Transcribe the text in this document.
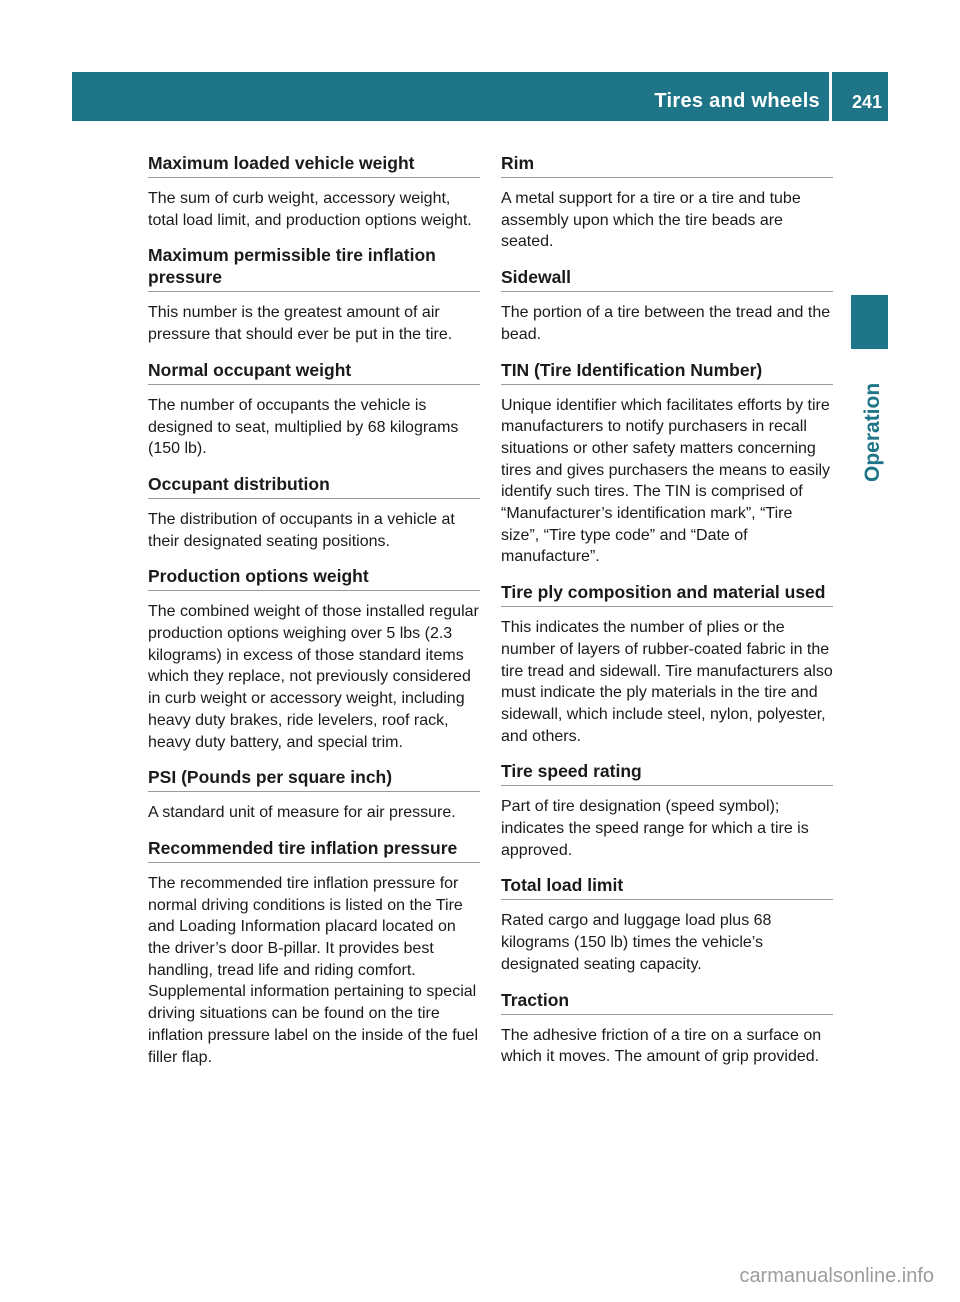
Tires and wheels 241
Operation
Maximum loaded vehicle weight

The sum of curb weight, accessory weight, total load limit, and production options weight.

Maximum permissible tire inflation pressure

This number is the greatest amount of air pressure that should ever be put in the tire.

Normal occupant weight

The number of occupants the vehicle is designed to seat, multiplied by 68 kilograms (150 lb).

Occupant distribution

The distribution of occupants in a vehicle at their designated seating positions.

Production options weight

The combined weight of those installed regular production options weighing over 5 lbs (2.3 kilograms) in excess of those standard items which they replace, not previously considered in curb weight or accessory weight, including heavy duty brakes, ride levelers, roof rack, heavy duty battery, and special trim.

PSI (Pounds per square inch)

A standard unit of measure for air pressure.

Recommended tire inflation pressure

The recommended tire inflation pressure for normal driving conditions is listed on the Tire and Loading Information placard located on the driver’s door B-pillar. It provides best handling, tread life and riding comfort. Supplemental information pertaining to special driving situations can be found on the tire inflation pressure label on the inside of the fuel filler flap.

Rim

A metal support for a tire or a tire and tube assembly upon which the tire beads are seated.

Sidewall

The portion of a tire between the tread and the bead.

TIN (Tire Identification Number)

Unique identifier which facilitates efforts by tire manufacturers to notify purchasers in recall situations or other safety matters concerning tires and gives purchasers the means to easily identify such tires. The TIN is comprised of “Manufacturer’s identification mark”, “Tire size”, “Tire type code” and “Date of manufacture”.

Tire ply composition and material used

This indicates the number of plies or the number of layers of rubber-coated fabric in the tire tread and sidewall. Tire manufacturers also must indicate the ply materials in the tire and sidewall, which include steel, nylon, polyester, and others.

Tire speed rating

Part of tire designation (speed symbol); indicates the speed range for which a tire is approved.

Total load limit

Rated cargo and luggage load plus 68 kilograms (150 lb) times the vehicle’s designated seating capacity.

Traction

The adhesive friction of a tire on a surface on which it moves. The amount of grip provided.

carmanualsonline.info
